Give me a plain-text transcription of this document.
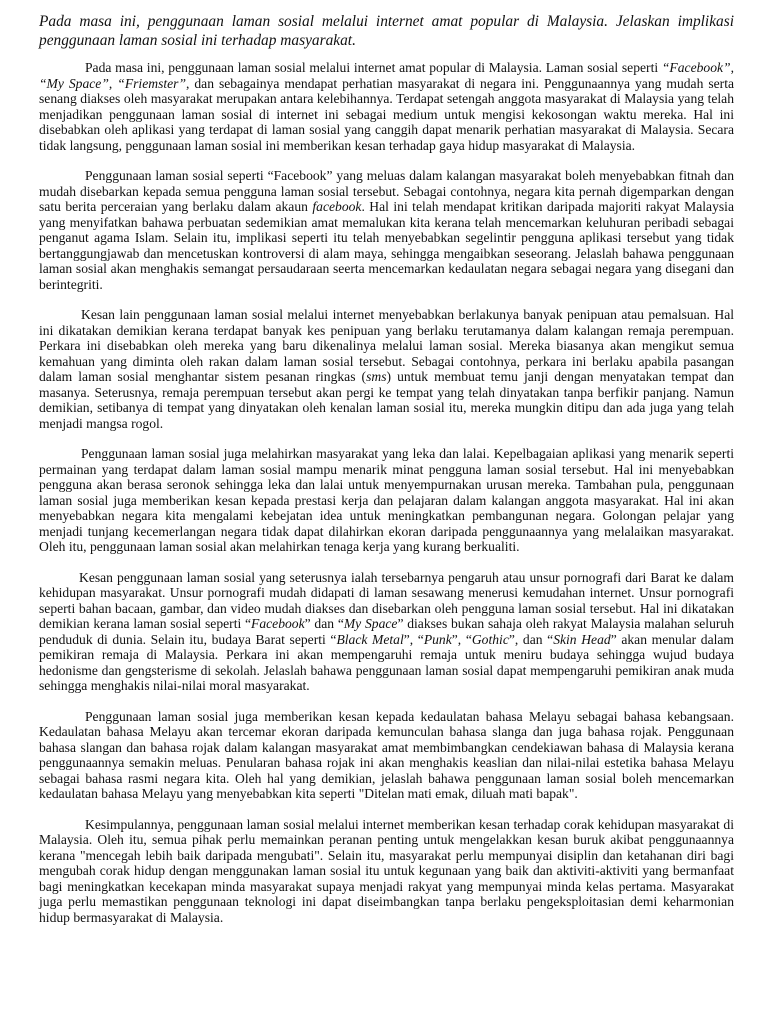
Pada masa ini, penggunaan laman sosial melalui internet amat popular di Malaysia. Jelaskan implikasi penggunaan laman sosial ini terhadap masyarakat.

Pada masa ini, penggunaan laman sosial melalui internet amat popular di Malaysia. Laman sosial seperti “Facebook”, “My Space”, “Friemster”, dan sebagainya mendapat perhatian masyarakat di negara ini. Penggunaannya yang mudah serta senang diakses oleh masyarakat merupakan antara kelebihannya. Terdapat setengah anggota masyarakat di Malaysia yang telah menjadikan penggunaan laman sosial di internet ini sebagai medium untuk mengisi kekosongan waktu mereka. Hal ini disebabkan oleh aplikasi yang terdapat di laman sosial yang canggih dapat menarik perhatian masyarakat di Malaysia. Secara tidak langsung, penggunaan laman sosial ini memberikan kesan terhadap gaya hidup masyarakat di Malaysia.

Penggunaan laman sosial seperti “Facebook” yang meluas dalam kalangan masyarakat boleh menyebabkan fitnah dan mudah disebarkan kepada semua pengguna laman sosial tersebut. Sebagai contohnya, negara kita pernah digemparkan dengan satu berita perceraian yang berlaku dalam akaun facebook. Hal ini telah mendapat kritikan daripada majoriti rakyat Malaysia yang menyifatkan bahawa perbuatan sedemikian amat memalukan kita kerana telah mencemarkan keluhuran peribadi sebagai penganut agama Islam. Selain itu, implikasi seperti itu telah menyebabkan segelintir pengguna aplikasi tersebut yang tidak bertanggungjawab dan mencetuskan kontroversi di alam maya, sehingga mengaibkan seseorang. Jelaslah bahawa penggunaan laman sosial akan menghakis semangat persaudaraan seerta mencemarkan kedaulatan negara sebagai negara yang disegani dan berintegriti.

Kesan lain penggunaan laman sosial melalui internet menyebabkan berlakunya banyak penipuan atau pemalsuan. Hal ini dikatakan demikian kerana terdapat banyak kes penipuan yang berlaku terutamanya dalam kalangan remaja perempuan. Perkara ini disebabkan oleh mereka yang baru dikenalinya melalui laman sosial. Mereka biasanya akan mengikut semua kemahuan yang diminta oleh rakan dalam laman sosial tersebut. Sebagai contohnya, perkara ini berlaku apabila pasangan dalam laman sosial menghantar sistem pesanan ringkas (sms) untuk membuat temu janji dengan menyatakan tempat dan masanya. Seterusnya, remaja perempuan tersebut akan pergi ke tempat yang telah dinyatakan tanpa berfikir panjang. Namun demikian, setibanya di tempat yang dinyatakan oleh kenalan laman sosial itu, mereka mungkin ditipu dan ada juga yang telah menjadi mangsa rogol.

Penggunaan laman sosial juga melahirkan masyarakat yang leka dan lalai. Kepelbagaian aplikasi yang menarik seperti permainan yang terdapat dalam laman sosial mampu menarik minat pengguna laman sosial tersebut. Hal ini menyebabkan pengguna akan berasa seronok sehingga leka dan lalai untuk menyempurnakan urusan mereka. Tambahan pula, penggunaan laman sosial juga memberikan kesan kepada prestasi kerja dan pelajaran dalam kalangan anggota masyarakat. Hal ini akan menyebabkan negara kita mengalami kebejatan idea untuk meningkatkan pembangunan negara. Golongan pelajar yang menjadi tunjang kecemerlangan negara tidak dapat dilahirkan ekoran daripada penggunaannya yang melalaikan masyarakat. Oleh itu, penggunaan laman sosial akan melahirkan tenaga kerja yang kurang berkualiti.

Kesan penggunaan laman sosial yang seterusnya ialah tersebarnya pengaruh atau unsur pornografi dari Barat ke dalam kehidupan masyarakat. Unsur pornografi mudah didapati di laman sesawang menerusi kemudahan internet. Unsur pornografi seperti bahan bacaan, gambar, dan video mudah diakses dan disebarkan oleh pengguna laman sosial tersebut. Hal ini dikatakan demikian kerana laman sosial seperti “Facebook” dan “My Space” diakses bukan sahaja oleh rakyat Malaysia malahan seluruh penduduk di dunia. Selain itu, budaya Barat seperti “Black Metal”, “Punk”, “Gothic”, dan “Skin Head” akan menular dalam pemikiran remaja di Malaysia. Perkara ini akan mempengaruhi remaja untuk meniru budaya sehingga wujud budaya hedonisme dan gengsterisme di sekolah. Jelaslah bahawa penggunaan laman sosial dapat mempengaruhi pemikiran anak muda sehingga menghakis nilai-nilai moral masyarakat.

Penggunaan laman sosial juga memberikan kesan kepada kedaulatan bahasa Melayu sebagai bahasa kebangsaan. Kedaulatan bahasa Melayu akan tercemar ekoran daripada kemunculan bahasa slanga dan juga bahasa rojak. Penggunaan bahasa slangan dan bahasa rojak dalam kalangan masyarakat amat membimbangkan cendekiawan bahasa di Malaysia kerana penggunaannya semakin meluas. Penularan bahasa rojak ini akan menghakis keaslian dan nilai-nilai estetika bahasa Melayu sebagai bahasa rasmi negara kita. Oleh hal yang demikian, jelaslah bahawa penggunaan laman sosial boleh mencemarkan kedaulatan bahasa Melayu yang menyebabkan kita seperti "Ditelan mati emak, diluah mati bapak".

Kesimpulannya, penggunaan laman sosial melalui internet memberikan kesan terhadap corak kehidupan masyarakat di Malaysia. Oleh itu, semua pihak perlu memainkan peranan penting untuk mengelakkan kesan buruk akibat penggunaannya kerana "mencegah lebih baik daripada mengubati". Selain itu, masyarakat perlu mempunyai disiplin dan ketahanan diri bagi mengubah corak hidup dengan menggunakan laman sosial itu untuk kegunaan yang baik dan aktiviti-aktiviti yang bermanfaat bagi meningkatkan kecekapan minda masyarakat supaya menjadi rakyat yang mempunyai minda kelas pertama. Masyarakat juga perlu memastikan penggunaan teknologi ini dapat diseimbangkan tanpa berlaku pengeksploitasian demi keharmonian hidup bermasyarakat di Malaysia.
